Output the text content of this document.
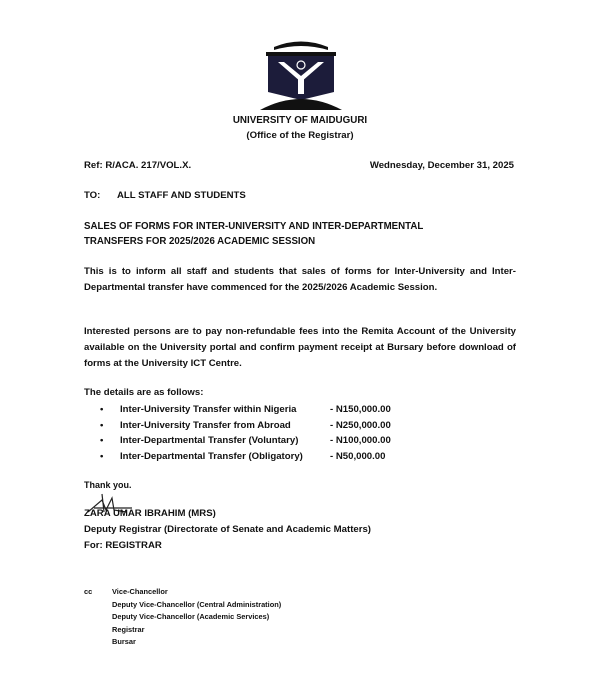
UNIVERSITY OF MAIDUGURI
(Office of the Registrar)
Ref: R/ACA. 217/VOL.X.	Wednesday, December 31, 2025
TO: ALL STAFF AND STUDENTS
SALES OF FORMS FOR INTER-UNIVERSITY AND INTER-DEPARTMENTAL
TRANSFERS FOR 2025/2026 ACADEMIC SESSION
This is to inform all staff and students that sales of forms for Inter-University and Inter-Departmental transfer have commenced for the 2025/2026 Academic Session.
Interested persons are to pay non-refundable fees into the Remita Account of the University available on the University portal and confirm payment receipt at Bursary before download of forms at the University ICT Centre.
The details are as follows:
•	Inter-University Transfer within Nigeria	- N150,000.00
•	Inter-University Transfer from Abroad	- N250,000.00
•	Inter-Departmental Transfer (Voluntary)	- N100,000.00
•	Inter-Departmental Transfer (Obligatory)	- N50,000.00
Thank you.
ZARA UMAR IBRAHIM (MRS)
Deputy Registrar (Directorate of Senate and Academic Matters)
For: REGISTRAR
cc	Vice-Chancellor
Deputy Vice-Chancellor (Central Administration)
Deputy Vice-Chancellor (Academic Services)
Registrar
Bursar
